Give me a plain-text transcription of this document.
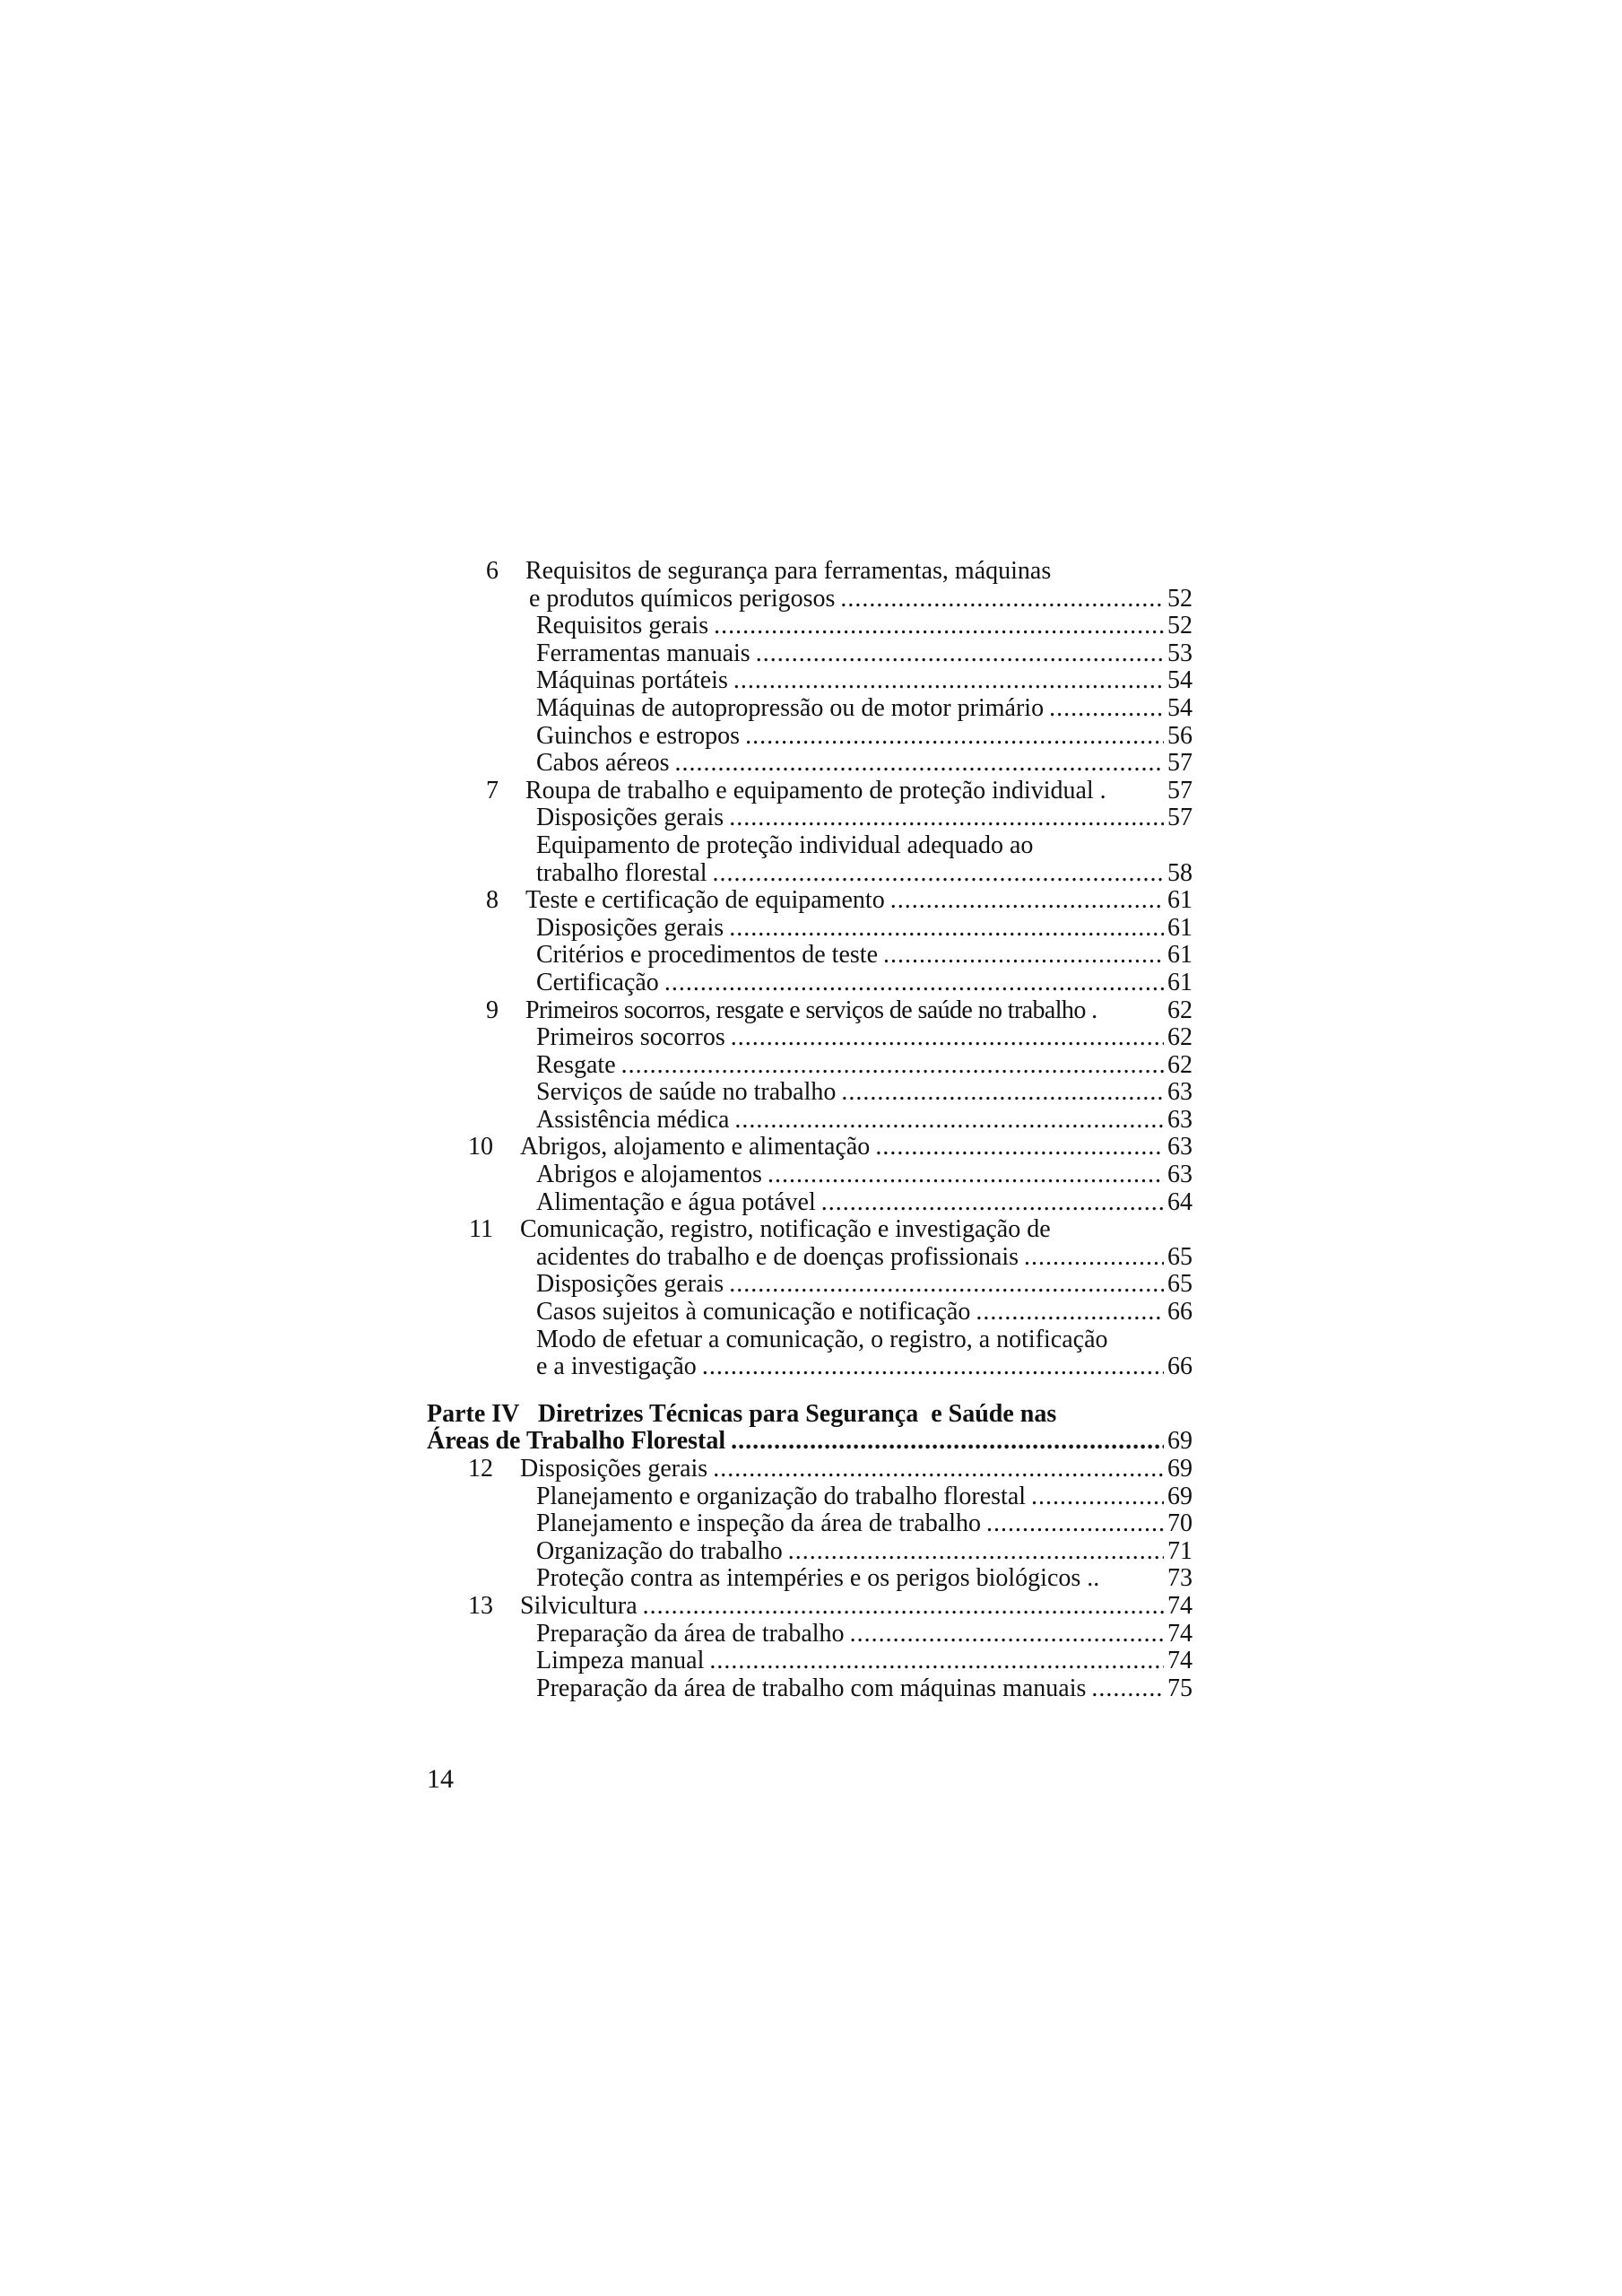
6 Requisitos de segurança para ferramentas, máquinas
e produtos químicos perigosos .....	52
Requisitos gerais .....	52
Ferramentas manuais .....	53
Máquinas portáteis .....	54
Máquinas de autopropressão ou de motor primário .....	54
Guinchos e estropos .....	56
Cabos aéreos .....	57
7 Roupa de trabalho e equipamento de proteção individual . 57
Disposições gerais .....	57
Equipamento de proteção individual adequado ao
trabalho florestal .....	58
8 Teste e certificação de equipamento .....	61
Disposições gerais .....	61
Critérios e procedimentos de teste .....	61
Certificação .....	61
9 Primeiros socorros, resgate e serviços de saúde no trabalho .	62
Primeiros socorros .....	62
Resgate .....	62
Serviços de saúde no trabalho .....	63
Assistência médica .....	63
10 Abrigos, alojamento e alimentação .....	63
Abrigos e alojamentos .....	63
Alimentação e água potável .....	64
11 Comunicação, registro, notificação e investigação de
acidentes do trabalho e de doenças profissionais .....	65
Disposições gerais .....	65
Casos sujeitos à comunicação e notificação .....	66
Modo de efetuar a comunicação, o registro, a notificação
e a investigação .....	66
Parte IV   Diretrizes Técnicas para Segurança  e Saúde nas
Áreas de Trabalho Florestal .....	69
12 Disposições gerais .....	69
Planejamento e organização do trabalho florestal .....	69
Planejamento e inspeção da área de trabalho .....	70
Organização do trabalho .....	71
Proteção contra as intempéries e os perigos biológicos ..	73
13 Silvicultura .....	74
Preparação da área de trabalho .....	74
Limpeza manual .....	74
Preparação da área de trabalho com máquinas manuais .....	75
14
